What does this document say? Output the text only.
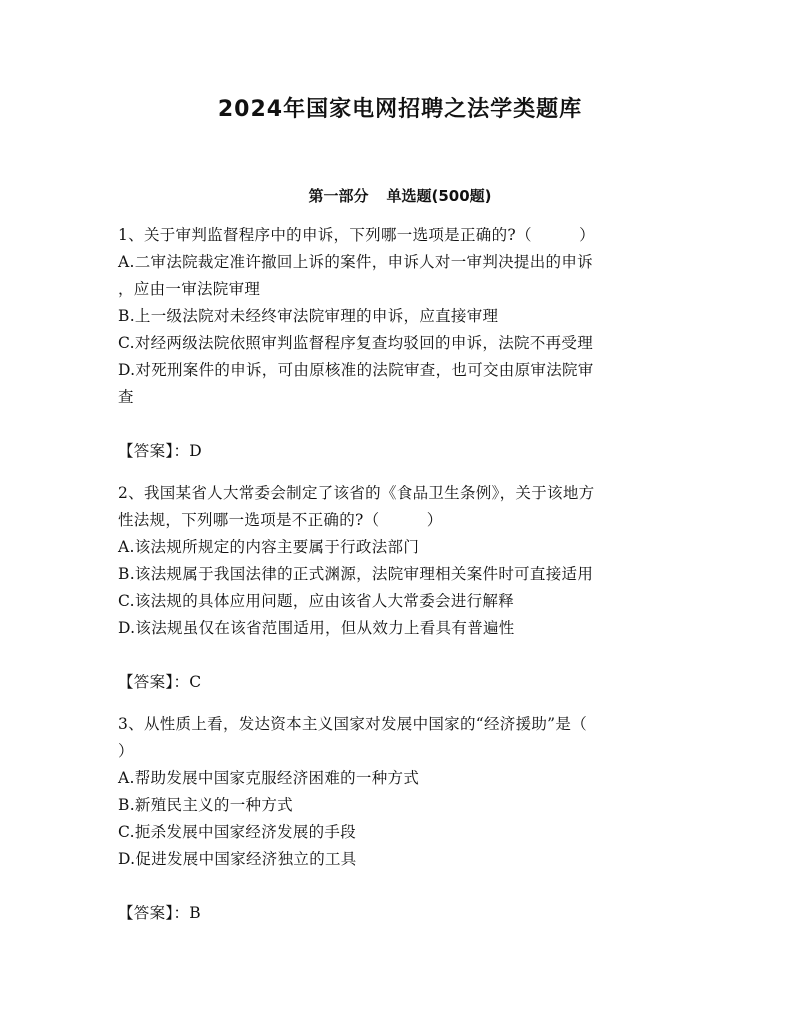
2024年国家电网招聘之法学类题库
第一部分 单选题(500题)
1、关于审判监督程序中的申诉，下列哪一选项是正确的?（　　　）
A.二审法院裁定准许撤回上诉的案件，申诉人对一审判决提出的申诉
，应由一审法院审理
B.上一级法院对未经终审法院审理的申诉，应直接审理
C.对经两级法院依照审判监督程序复查均驳回的申诉，法院不再受理
D.对死刑案件的申诉，可由原核准的法院审查，也可交由原审法院审
查
【答案】：D
2、我国某省人大常委会制定了该省的《食品卫生条例》，关于该地方
性法规，下列哪一选项是不正确的?（　　　）
A.该法规所规定的内容主要属于行政法部门
B.该法规属于我国法律的正式渊源，法院审理相关案件时可直接适用
C.该法规的具体应用问题，应由该省人大常委会进行解释
D.该法规虽仅在该省范围适用，但从效力上看具有普遍性
【答案】：C
3、从性质上看，发达资本主义国家对发展中国家的“经济援助”是（
）
A.帮助发展中国家克服经济困难的一种方式
B.新殖民主义的一种方式
C.扼杀发展中国家经济发展的手段
D.促进发展中国家经济独立的工具
【答案】：B
